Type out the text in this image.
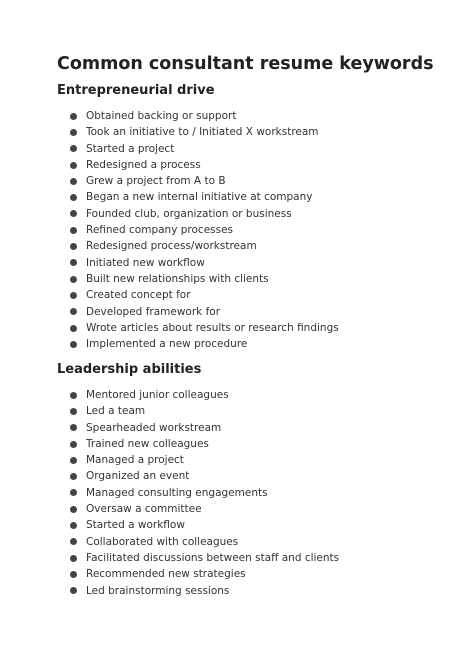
Common consultant resume keywords
Entrepreneurial drive
Obtained backing or support
Took an initiative to / Initiated X workstream
Started a project
Redesigned a process
Grew a project from A to B
Began a new internal initiative at company
Founded club, organization or business
Refined company processes
Redesigned process/workstream
Initiated new workflow
Built new relationships with clients
Created concept for
Developed framework for
Wrote articles about results or research findings
Implemented a new procedure
Leadership abilities
Mentored junior colleagues
Led a team
Spearheaded workstream
Trained new colleagues
Managed a project
Organized an event
Managed consulting engagements
Oversaw a committee
Started a workflow
Collaborated with colleagues
Facilitated discussions between staff and clients
Recommended new strategies
Led brainstorming sessions
